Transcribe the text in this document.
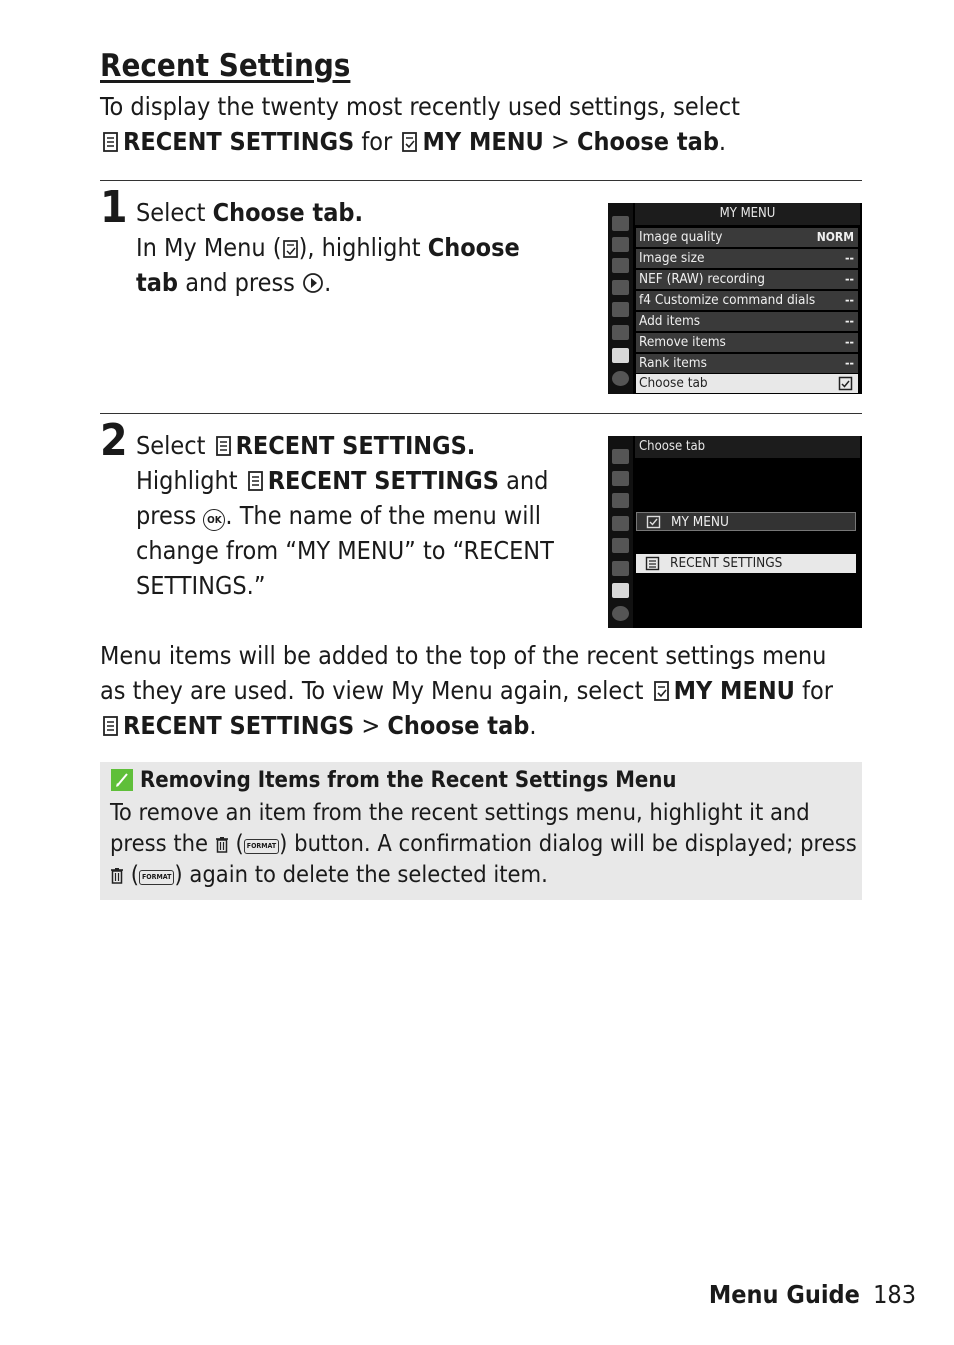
Recent Settings
To display the twenty most recently used settings, select
RECENT SETTINGS for MY MENU > Choose tab.
1 Select Choose tab.
In My Menu ( ), highlight Choose
tab and press .
MY MENU
Image quality	NORM
Image size	--
NEF (RAW) recording	--
f4 Customize command dials --
Add items	--
Remove items	--
Rank items	--
Choose tab
2 Select RECENT SETTINGS.
Highlight RECENT SETTINGS and
press OK . The name of the menu will
change from “MY MENU” to “RECENT
SETTINGS.”
Choose tab
MY MENU
RECENT SETTINGS
Menu items will be added to the top of the recent settings menu
as they are used. To view My Menu again, select MY MENU for
RECENT SETTINGS > Choose tab.
Removing Items from the Recent Settings Menu
To remove an item from the recent settings menu, highlight it and
press the ( FORMAT ) button. A confirmation dialog will be displayed; press
( FORMAT ) again to delete the selected item.
Menu Guide 183
